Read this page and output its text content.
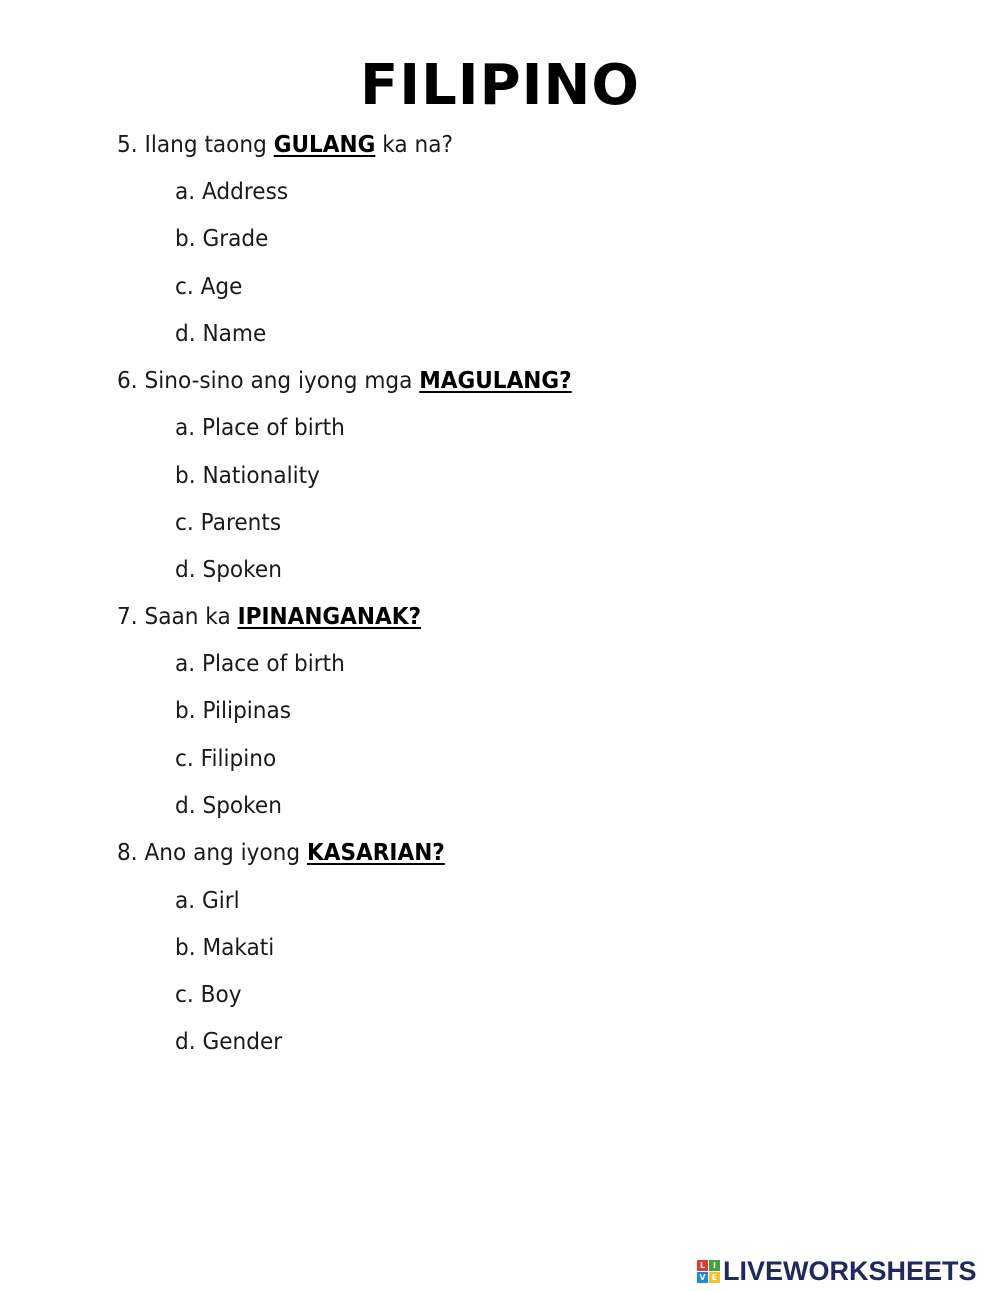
FILIPINO
5. Ilang taong GULANG ka na?
a. Address
b. Grade
c. Age
d. Name
6. Sino-sino ang iyong mga MAGULANG?
a. Place of birth
b. Nationality
c. Parents
d. Spoken
7. Saan ka IPINANGANAK?
a. Place of birth
b. Pilipinas
c. Filipino
d. Spoken
8. Ano ang iyong KASARIAN?
a. Girl
b. Makati
c. Boy
d. Gender
L I
V E LIVEWORKSHEETS
